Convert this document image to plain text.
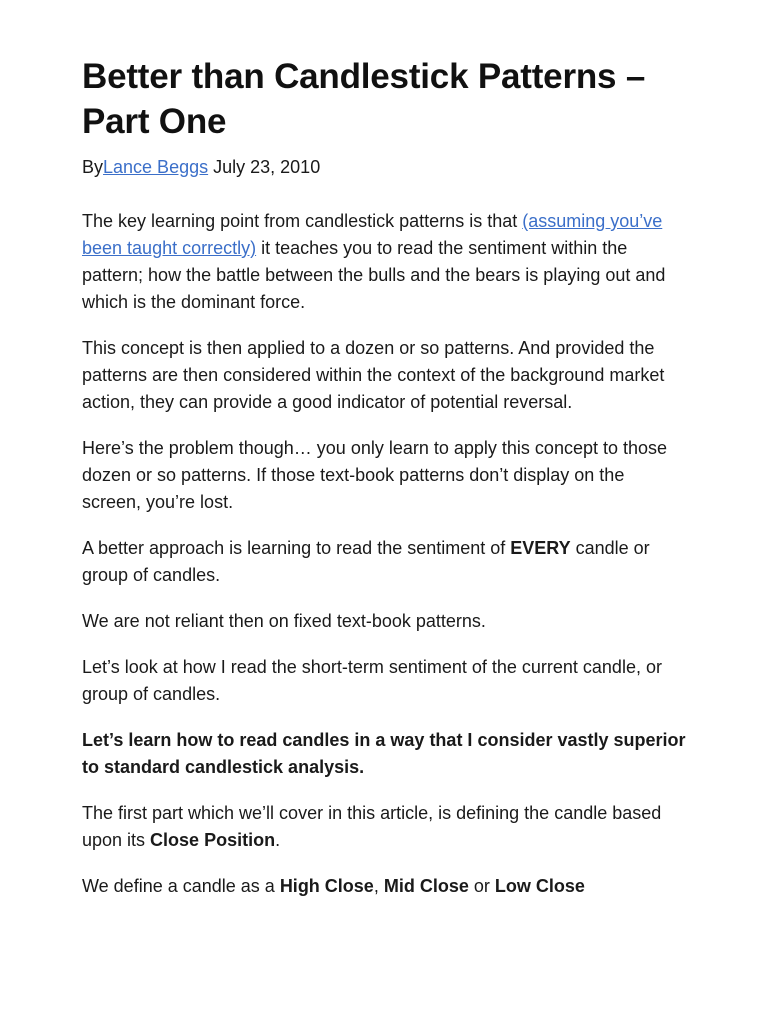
Better than Candlestick Patterns – Part One
ByLance Beggs July 23, 2010

The key learning point from candlestick patterns is that (assuming you’ve been taught correctly) it teaches you to read the sentiment within the pattern; how the battle between the bulls and the bears is playing out and which is the dominant force.

This concept is then applied to a dozen or so patterns. And provided the patterns are then considered within the context of the background market action, they can provide a good indicator of potential reversal.

Here’s the problem though… you only learn to apply this concept to those dozen or so patterns. If those text-book patterns don’t display on the screen, you’re lost.

A better approach is learning to read the sentiment of EVERY candle or group of candles.

We are not reliant then on fixed text-book patterns.

Let’s look at how I read the short-term sentiment of the current candle, or group of candles.

Let’s learn how to read candles in a way that I consider vastly superior to standard candlestick analysis.

The first part which we’ll cover in this article, is defining the candle based upon its Close Position.

We define a candle as a High Close, Mid Close or Low Close
